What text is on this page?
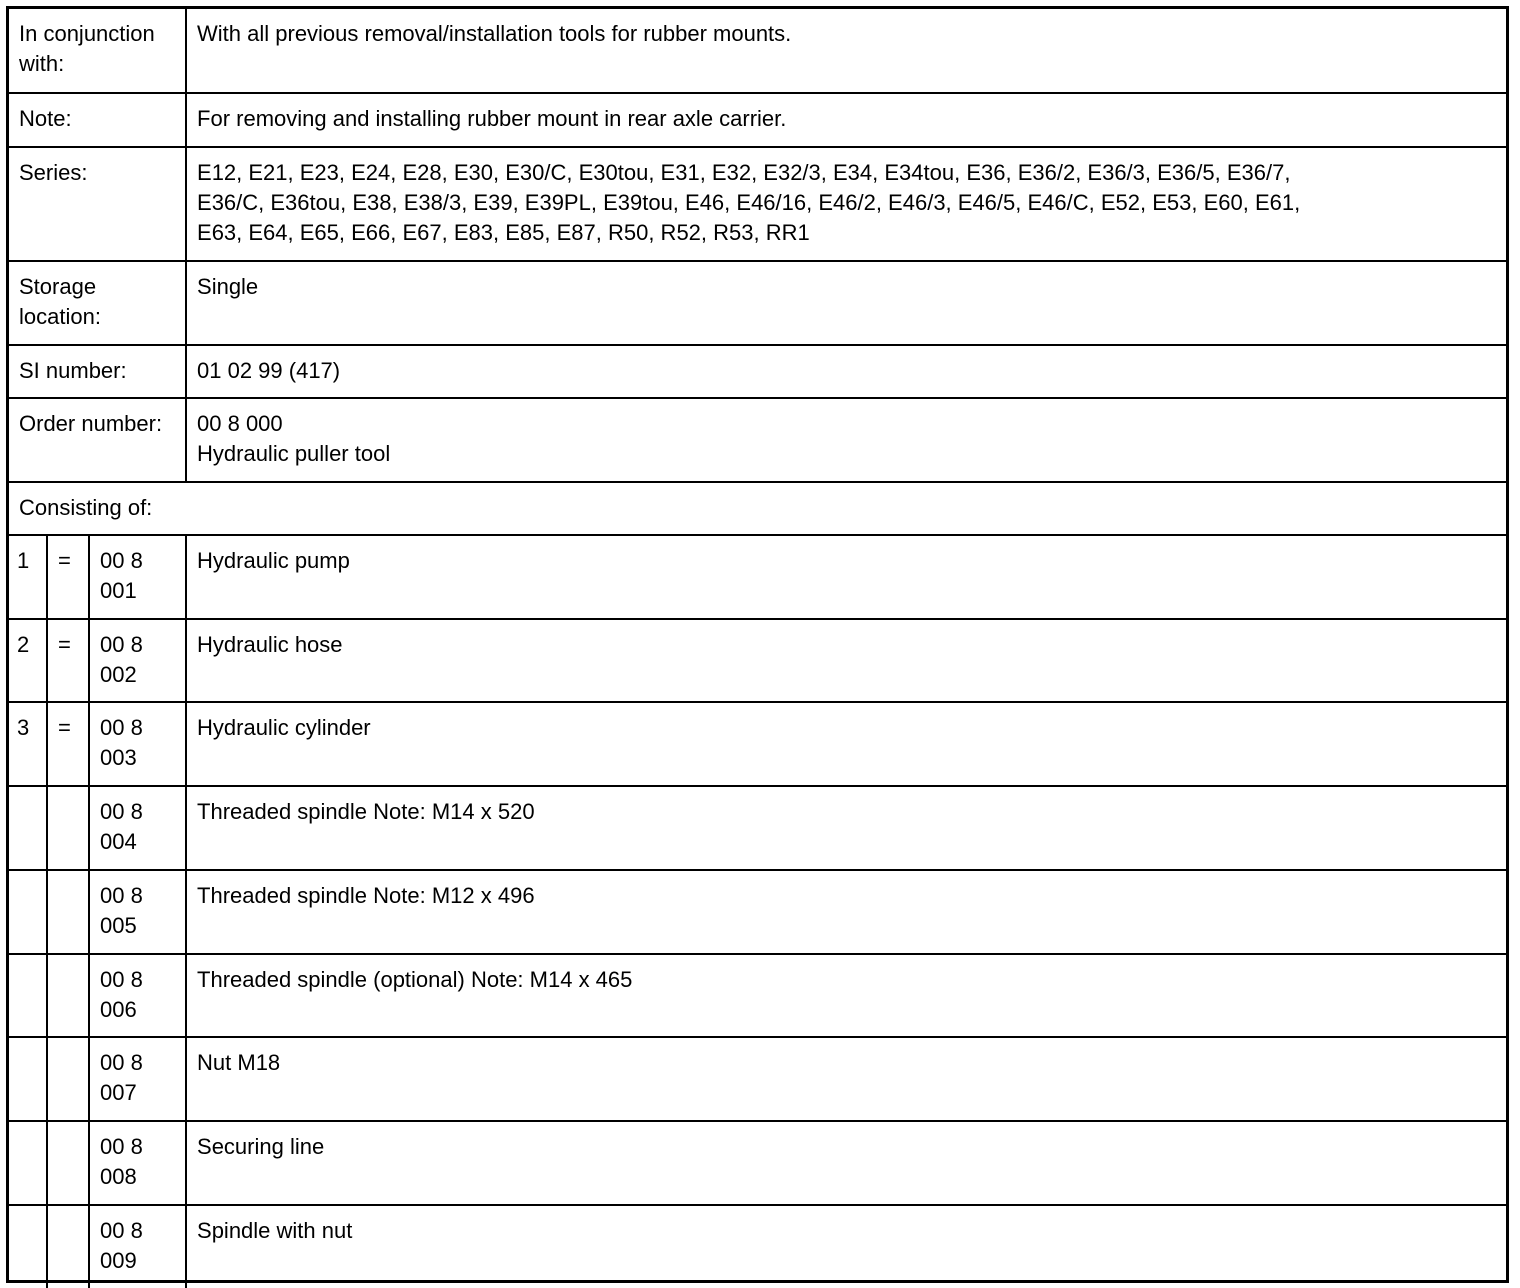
In conjunction with:			With all previous removal/installation tools for rubber mounts.

Note:			For removing and installing rubber mount in rear axle carrier.

Series:			E12, E21, E23, E24, E28, E30, E30/C, E30tou, E31, E32, E32/3, E34, E34tou, E36, E36/2, E36/3, E36/5, E36/7,
E36/C, E36tou, E38, E38/3, E39, E39PL, E39tou, E46, E46/16, E46/2, E46/3, E46/5, E46/C, E52, E53, E60, E61,
E63, E64, E65, E66, E67, E83, E85, E87, R50, R52, R53, RR1

Storage location:			Single

SI number:			01 02 99 (417)

Order number:			00 8 000
Hydraulic puller tool

Consisting of:			
1	=	00 8 001	Hydraulic pump
2	=	00 8 002	Hydraulic hose
3	=	00 8 003	Hydraulic cylinder
		00 8 004	Threaded spindle Note: M14 x 520
		00 8 005	Threaded spindle Note: M12 x 496
		00 8 006	Threaded spindle (optional) Note: M14 x 465
		00 8 007	Nut M18
		00 8 008	Securing line
		00 8 009	Spindle with nut
